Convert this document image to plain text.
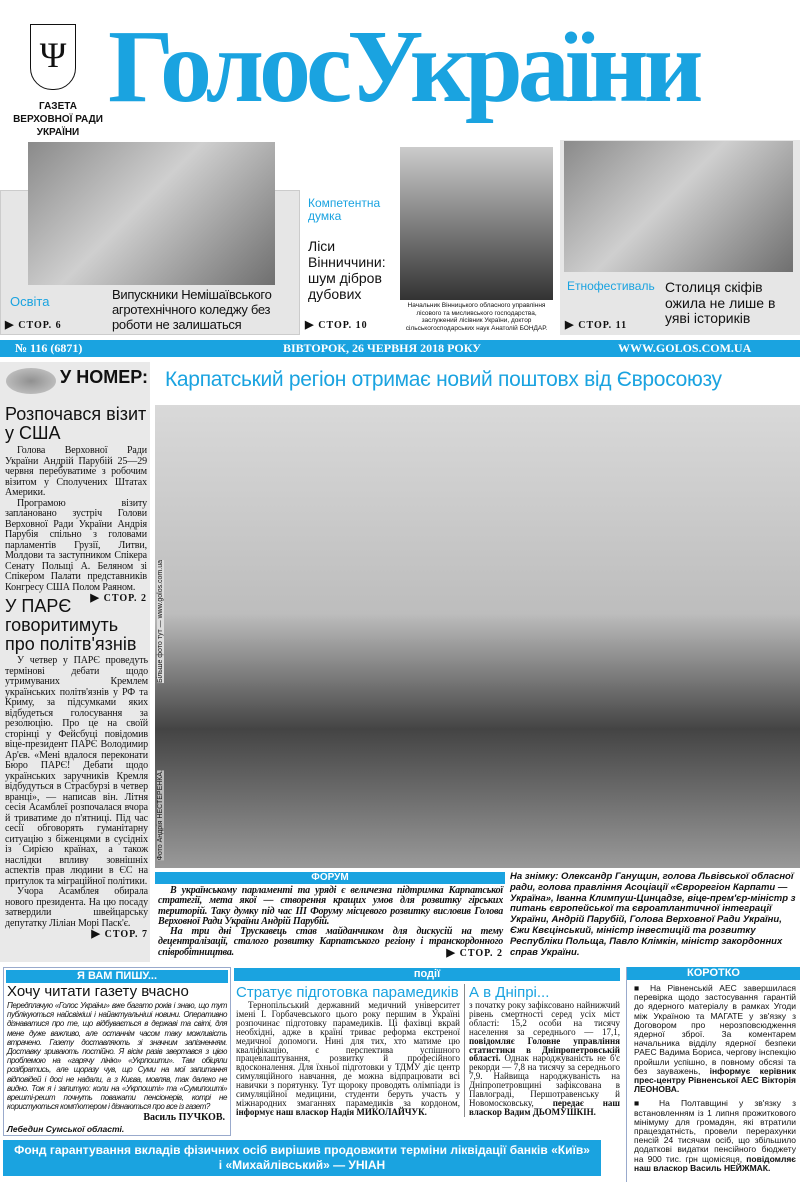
Ψ
ГАЗЕТА
ВЕРХОВНОЇ РАДИ
УКРАЇНИ
ГолосУкраїни
Освіта	Випускники Немішаївського агротехнічного коледжу без роботи не залишаться
▶ СТОР. 6
Компетентна думка
Ліси Вінниччини: шум дібров дубових
▶ СТОР. 10
Начальник Вінницького обласного управління лісового та мисливського господарства, заслужений лісівник України, доктор сільськогосподарських наук Анатолій БОНДАР.
Етнофестиваль Столиця скіфів ожила не лише в уяві істориків
▶ СТОР. 11
№ 116 (6871)	ВІВТОРОК, 26 ЧЕРВНЯ 2018 РОКУ	WWW.GOLOS.COM.UA
У НОМЕР:
Розпочався візит у США

Голова Верховної Ради України Андрій Парубій 25—29 червня перебуватиме з робочим візитом у Сполучених Штатах Америки.

Програмою візиту заплановано зустріч Голови Верховної Ради України Андрія Парубія спільно з головами парламентів Грузії, Литви, Молдови та заступником Спікера Сенату Польщі А. Беляном зі Спікером Палати представників Конгресу США Полом Раяном.
▶ СТОР. 2

У ПАРЄ говоритимуть про політв'язнів

У четвер у ПАРЄ проведуть термінові дебати щодо утримуваних Кремлем українських політв'язнів у РФ та Криму, за підсумками яких відбудеться голосування за резолюцію. Про це на своїй сторінці у Фейсбуці повідомив віце-президент ПАРЄ Володимир Ар'єв. «Мені вдалося переконати Бюро ПАРЄ! Дебати щодо українських заручників Кремля відбудуться в Страсбурзі в четвер вранці», — написав він. Літня сесія Асамблеї розпочалася вчора й триватиме до п'ятниці. Під час сесії обговорять гуманітарну ситуацію з біженцями в сусідніх із Сирією країнах, а також наслідки впливу зовнішніх аспектів прав людини в ЄС на притулок та міграційної політики.

Учора Асамблея обирала нового президента. На цю посаду затвердили швейцарську депутатку Ліліан Морі Паск'є.
▶ СТОР. 7

Карпатський регіон отримає новий поштовх від Євросоюзу
Більше фото тут — www.golos.com.ua
Фото Андрія НЕСТЕРЕНКА.
ФОРУМ

В українському парламенті та уряді є величезна підтримка Карпатської стратегії, мета якої — створення кращих умов для розвитку гірських територій. Таку думку під час ІІІ Форуму місцевого розвитку висловив Голова Верховної Ради України Андрій Парубій.

На три дні Трускавець став майданчиком для дискусій на тему децентралізації, сталого розвитку Карпатського регіону і транскордонного співробітництва.	▶ СТОР. 2

На знімку: Олександр Ганущин, голова Львівської обласної ради, голова правління Асоціації «Єврорегіон Карпати — Україна», Іванна Климпуш-Цинцадзе, віце-прем'єр-міністр з питань європейської та євроатлантичної інтеграції України, Андрій Парубій, Голова Верховної Ради України, Єжи Квєцінський, міністр інвестицій та розвитку Республіки Польща, Павло Клімкін, міністр закордонних справ України.
Я ВАМ ПИШУ...
Хочу читати газету вчасно
Передплачую «Голос України» вже багато років і знаю, що тут публікуються найсвіжіші і найактуальніші новини. Оперативно дізнаватися про те, що відбувається в державі та світі, для мене дуже важливо, але останнім часом таку можливість втрачено. Газету доставляють зі значним запізненням. Доставку зривають постійно. Я вісім разів звертався з цією проблемою на «гарячу лінію» «Укрпошти». Там обіцяли розібратись, але щоразу чув, що Суми на мої запитання відповідей і досі не надали, а з Києва, мовляв, так далеко не видно. Тож я і запитую: коли на «Укрпошті» та «Сумипошті» врешті-решт почнуть поважати пенсіонерів, котрі не користуються комп'ютером і дізнаються про все із газет?
Василь ПУЧКОВ.
Лебедин Сумської області.
події
Стратує підготовка парамедиків
Тернопільський державний медичний університет імені І. Горбачевського цього року першим в Україні розпочинає підготовку парамедиків. Ці фахівці вкрай необхідні, адже в країні триває реформа екстреної медичної допомоги. Нині для тих, хто матиме цю кваліфікацію, є перспектива успішного працевлаштування, розвитку й професійного вдосконалення. Для їхньої підготовки у ТДМУ діє центр симуляційного навчання, де можна відпрацювати всі навички з порятунку. Тут щороку проводять олімпіади із симуляційної медицини, студенти беруть участь у міжнародних змаганнях парамедиків за кордоном, інформує наш власкор Надія МИКОЛАЙЧУК.
А в Дніпрі...
з початку року зафіксовано найнижчий рівень смертності серед усіх міст області: 15,2 особи на тисячу населення за середнього — 17,1, повідомляє Головне управління статистики в Дніпропетровській області. Однак народжуваність не б'є рекорди — 7,8 на тисячу за середнього 7,9. Найвища народжуваність на Дніпропетровщині зафіксована в Павлограді, Першотравенську й Новомосковську, передає наш власкор Вадим ДЬОМУШКІН.
КОРОТКО
■ На Рівненській АЕС завершилася перевірка щодо застосування гарантій до ядерного матеріалу в рамках Угоди між Україною та МАГАТЕ у зв'язку з Договором про нерозповсюдження ядерної зброї. За коментарем начальника відділу ядерної безпеки РАЕС Вадима Бориса, чергову інспекцію пройшли успішно, в повному обсязі та без зауважень, інформує керівник прес-центру Рівненської АЕС Вікторія ЛЕОНОВА.
■ На Полтавщині у зв'язку з встановленням із 1 липня прожиткового мінімуму для громадян, які втратили працездатність, провели перерахунки пенсій 24 тисячам осіб, що збільшило додаткові видатки пенсійного бюджету на 900 тис. грн щомісяця, повідомляє наш власкор Василь НЕЙЖМАК.
Фонд гарантування вкладів фізичних осіб вирішив продовжити терміни ліквідації банків «Київ» і «Михайлівський» — УНІАН
